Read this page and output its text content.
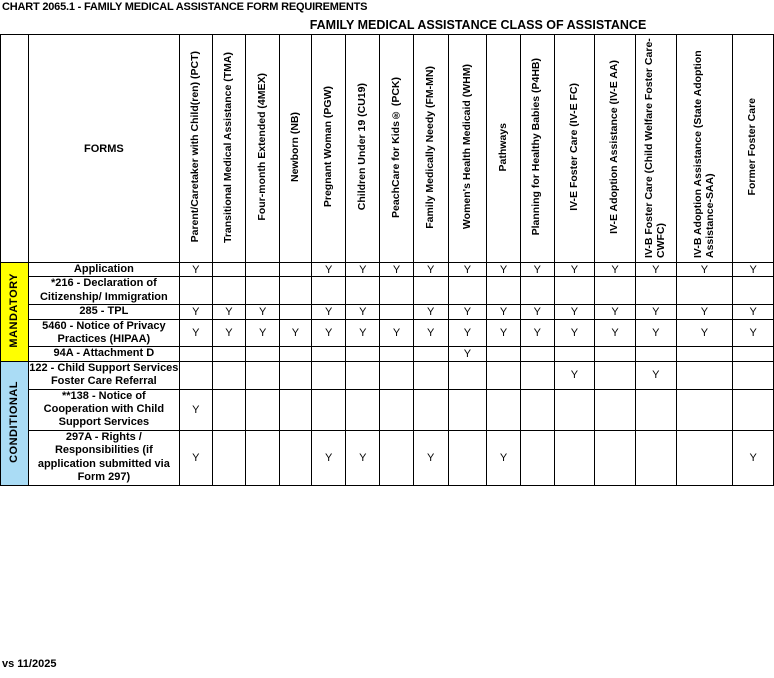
CHART 2065.1 - FAMILY MEDICAL ASSISTANCE FORM REQUIREMENTS
FAMILY MEDICAL ASSISTANCE CLASS OF ASSISTANCE
	FORMS	Parent/Caretaker with Child(ren) (PCT)	Transitional Medical Assistance (TMA)	Four-month Extended (4MEX)	Newborn (NB)	Pregnant Woman (PGW)	Children Under 19 (CU19)	PeachCare for Kids® (PCK)	Family Medically Needy (FM-MN)	Women's Health Medicaid (WHM)	Pathways	Planning for Healthy Babies (P4HB)	IV-E Foster Care (IV-E FC)	IV-E Adoption Assistance (IV-E AA)	IV-B Foster Care (Child Welfare Foster Care-CWFC)	IV-B Adoption Assistance (State Adoption Assistance-SAA)	Former Foster Care
MANDATORY	Application	Y				Y	Y	Y	Y	Y	Y	Y	Y	Y	Y	Y	Y
	*216 - Declaration of Citizenship/ Immigration																
	285 - TPL	Y	Y	Y		Y	Y		Y	Y	Y	Y	Y	Y	Y	Y	Y
	5460 - Notice of Privacy Practices (HIPAA)	Y	Y	Y	Y	Y	Y	Y	Y	Y	Y	Y	Y	Y	Y	Y	Y
	94A - Attachment D									Y							
CONDITIONAL	122 - Child Support Services Foster Care Referral												Y		Y		
	**138 - Notice of Cooperation with Child Support Services	Y															
	297A - Rights / Responsibilities (if application submitted via Form 297)	Y				Y	Y		Y		Y						Y
vs 11/2025
